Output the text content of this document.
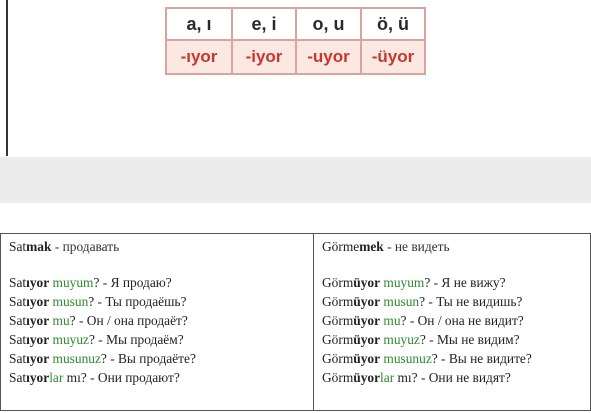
a, ı	e, i	o, u	ö, ü
-ıyor	-iyor	-uyor	-üyor
Satmak - продавать
Satıyor muyum? - Я продаю?
Satıyor musun? - Ты продаёшь?
Satıyor mu? - Он / она продаёт?
Satıyor muyuz? - Мы продаём?
Satıyor musunuz? - Вы продаёте?
Satıyorlar mı? - Они продают?

Görmemek - не видеть
Görmüyor muyum? - Я не вижу?
Görmüyor musun? - Ты не видишь?
Görmüyor mu? - Он / она не видит?
Görmüyor muyuz? - Мы не видим?
Görmüyor musunuz? - Вы не видите?
Görmüyorlar mı? - Они не видят?
